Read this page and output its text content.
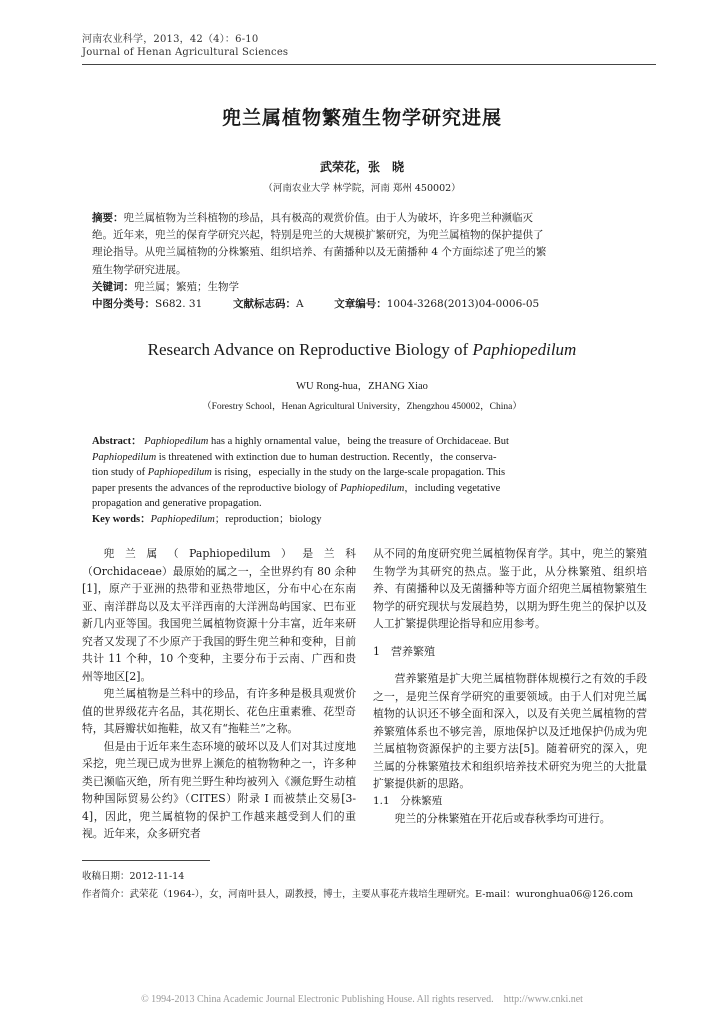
河南农业科学，2013，42（4）：6-10
Journal of Henan Agricultural Sciences
兜兰属植物繁殖生物学研究进展
武荣花，张　晓
（河南农业大学 林学院，河南 郑州 450002）
摘要：兜兰属植物为兰科植物的珍品，具有极高的观赏价值。由于人为破坏，许多兜兰种濒临灭
绝。近年来，兜兰的保育学研究兴起，特别是兜兰的大规模扩繁研究，为兜兰属植物的保护提供了
理论指导。从兜兰属植物的分株繁殖、组织培养、有菌播种以及无菌播种 4 个方面综述了兜兰的繁
殖生物学研究进展。
关键词：兜兰属；繁殖；生物学
中图分类号：S682. 31	文献标志码：A	文章编号：1004-3268(2013)04-0006-05
Research Advance on Reproductive Biology of Paphiopedilum
WU Rong-hua，ZHANG Xiao
（Forestry School，Henan Agricultural University，Zhengzhou 450002，China）
Abstract： Paphiopedilum has a highly ornamental value，being the treasure of Orchidaceae. But
Paphiopedilum is threatened with extinction due to human destruction. Recently，the conserva-
tion study of Paphiopedilum is rising，especially in the study on the large-scale propagation. This
paper presents the advances of the reproductive biology of Paphiopedilum，including vegetative
propagation and generative propagation.
Key words：Paphiopedilum；reproduction；biology

兜兰属（Paphiopedilum）是兰科（Orchidaceae）最原始的属之一，全世界约有 80 余种[1]，原产于亚洲的热带和亚热带地区，分布中心在东南亚、南洋群岛以及太平洋西南的大洋洲岛屿国家、巴布亚新几内亚等国。我国兜兰属植物资源十分丰富，近年来研究者又发现了不少原产于我国的野生兜兰种和变种，目前共计 11 个种，10 个变种，主要分布于云南、广西和贵州等地区[2]。

兜兰属植物是兰科中的珍品，有许多种是极具观赏价值的世界级花卉名品，其花期长、花色庄重素雅、花型奇特，其唇瓣状如拖鞋，故又有“拖鞋兰”之称。

但是由于近年来生态环境的破坏以及人们对其过度地采挖，兜兰现已成为世界上濒危的植物物种之一，许多种类已濒临灭绝，所有兜兰野生种均被列入《濒危野生动植物种国际贸易公约》（CITES）附录 I 而被禁止交易[3-4]，因此，兜兰属植物的保护工作越来越受到人们的重视。近年来，众多研究者

从不同的角度研究兜兰属植物保育学。其中，兜兰的繁殖生物学为其研究的热点。鉴于此，从分株繁殖、组织培养、有菌播种以及无菌播种等方面介绍兜兰属植物繁殖生物学的研究现状与发展趋势，以期为野生兜兰的保护以及人工扩繁提供理论指导和应用参考。

1　营养繁殖

营养繁殖是扩大兜兰属植物群体规模行之有效的手段之一，是兜兰保育学研究的重要领域。由于人们对兜兰属植物的认识还不够全面和深入，以及有关兜兰属植物的营养繁殖体系也不够完善，原地保护以及迁地保护仍成为兜兰属植物资源保护的主要方法[5]。随着研究的深入，兜兰属的分株繁殖技术和组织培养技术研究为兜兰的大批量扩繁提供新的思路。

1.1　分株繁殖

兜兰的分株繁殖在开花后或春秋季均可进行。

收稿日期：2012-11-14
作者简介：武荣花（1964-），女，河南叶县人，副教授，博士，主要从事花卉栽培生理研究。E-mail：wuronghua06@126.com
© 1994-2013 China Academic Journal Electronic Publishing House. All rights reserved.　http://www.cnki.net
